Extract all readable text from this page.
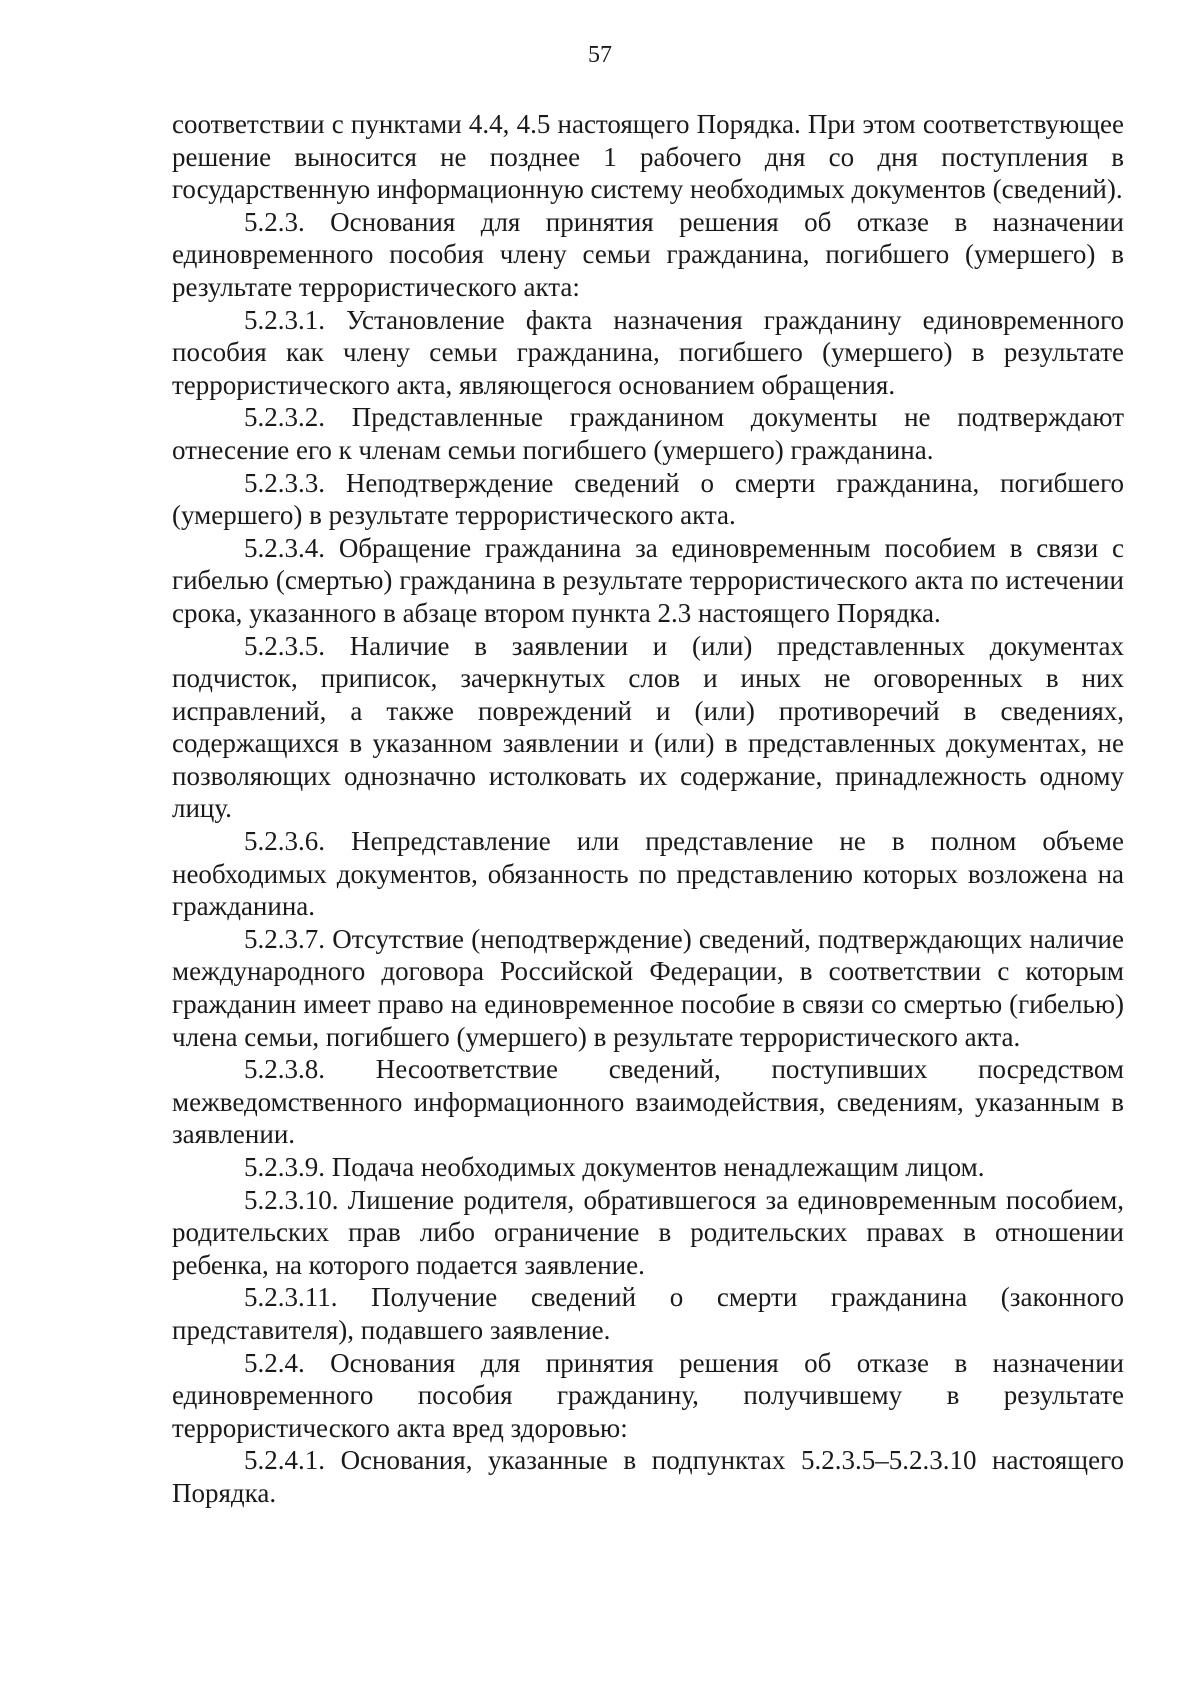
57

соответствии с пунктами 4.4, 4.5 настоящего Порядка. При этом соответствующее решение выносится не позднее 1 рабочего дня со дня поступления в государственную информационную систему необходимых документов (сведений).

5.2.3. Основания для принятия решения об отказе в назначении единовременного пособия члену семьи гражданина, погибшего (умершего) в результате террористического акта:

5.2.3.1. Установление факта назначения гражданину единовременного пособия как члену семьи гражданина, погибшего (умершего) в результате террористического акта, являющегося основанием обращения.

5.2.3.2. Представленные гражданином документы не подтверждают отнесение его к членам семьи погибшего (умершего) гражданина.

5.2.3.3. Неподтверждение сведений о смерти гражданина, погибшего (умершего) в результате террористического акта.

5.2.3.4. Обращение гражданина за единовременным пособием в связи с гибелью (смертью) гражданина в результате террористического акта по истечении срока, указанного в абзаце втором пункта 2.3 настоящего Порядка.

5.2.3.5. Наличие в заявлении и (или) представленных документах подчисток, приписок, зачеркнутых слов и иных не оговоренных в них исправлений, а также повреждений и (или) противоречий в сведениях, содержащихся в указанном заявлении и (или) в представленных документах, не позволяющих однозначно истолковать их содержание, принадлежность одному лицу.

5.2.3.6. Непредставление или представление не в полном объеме необходимых документов, обязанность по представлению которых возложена на гражданина.

5.2.3.7. Отсутствие (неподтверждение) сведений, подтверждающих наличие международного договора Российской Федерации, в соответствии с которым гражданин имеет право на единовременное пособие в связи со смертью (гибелью) члена семьи, погибшего (умершего) в результате террористического акта.

5.2.3.8. Несоответствие сведений, поступивших посредством межведомственного информационного взаимодействия, сведениям, указанным в заявлении.

5.2.3.9. Подача необходимых документов ненадлежащим лицом.

5.2.3.10. Лишение родителя, обратившегося за единовременным пособием, родительских прав либо ограничение в родительских правах в отношении ребенка, на которого подается заявление.

5.2.3.11. Получение сведений о смерти гражданина (законного представителя), подавшего заявление.

5.2.4. Основания для принятия решения об отказе в назначении единовременного пособия гражданину, получившему в результате террористического акта вред здоровью:

5.2.4.1. Основания, указанные в подпунктах 5.2.3.5–5.2.3.10 настоящего Порядка.
